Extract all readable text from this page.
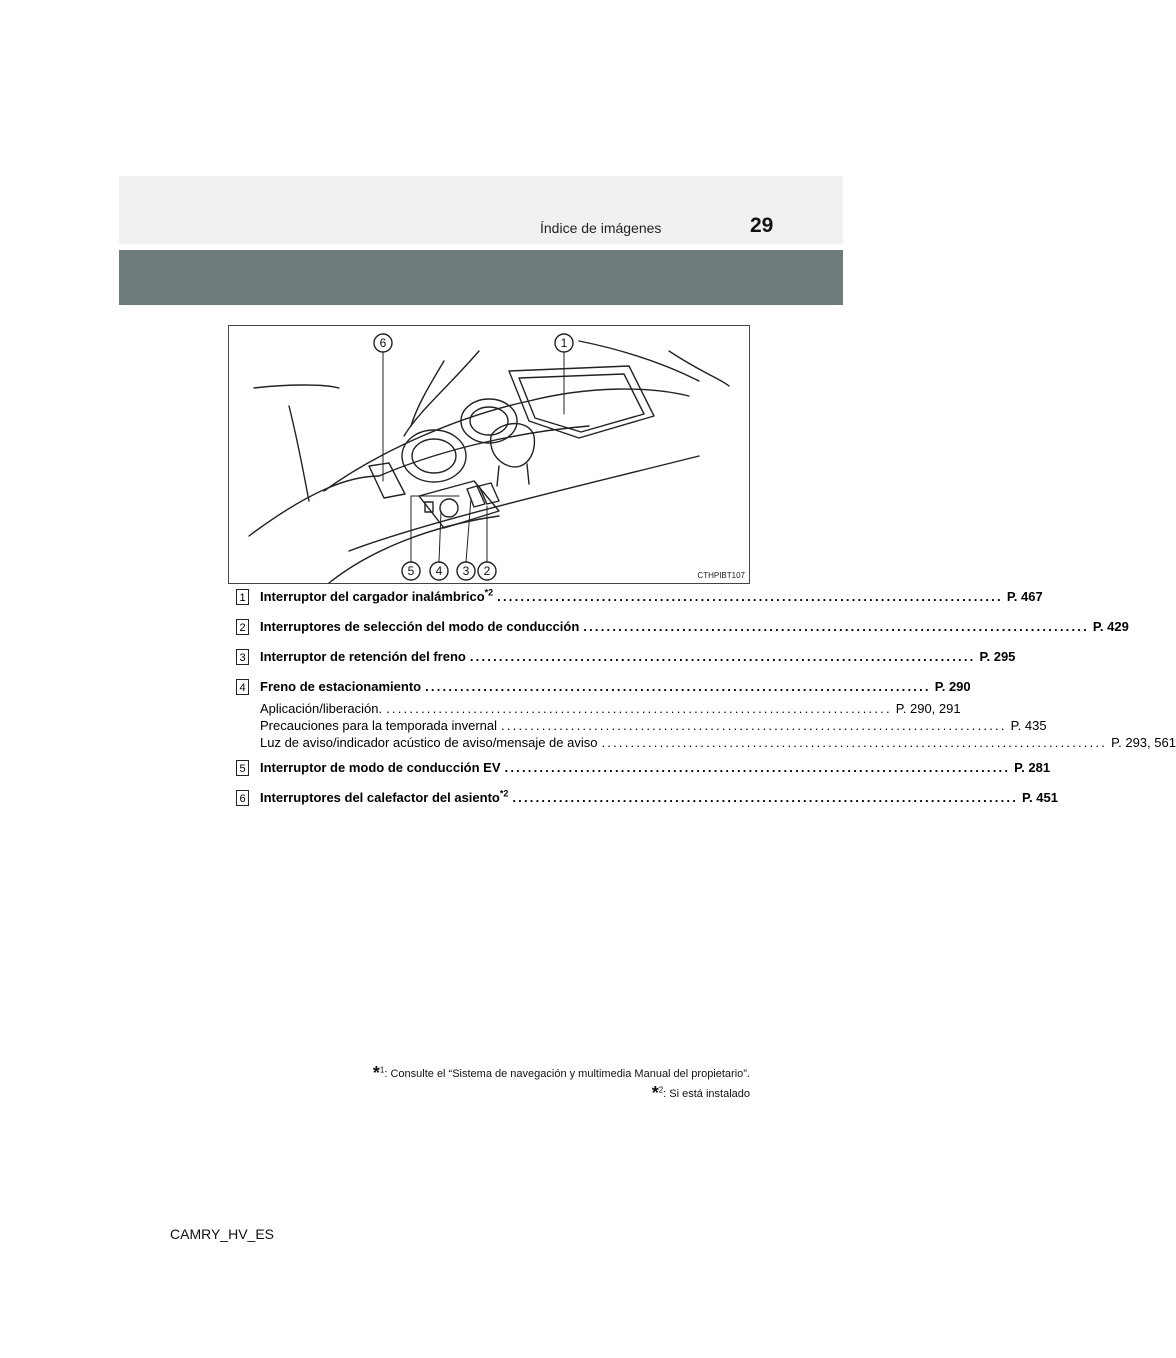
Índice de imágenes	29
6	1
5 4 3 2	CTHPIBT107
1 Interruptor del cargador inalámbrico$^{*2}$ ....................................................................................... P. 467
2 Interruptores de selección del modo de conducción ....................................................................................... P. 429
3 Interruptor de retención del freno ....................................................................................... P. 295
4 Freno de estacionamiento ....................................................................................... P. 290
Aplicación/liberación. ....................................................................................... P. 290, 291
Precauciones para la temporada invernal ....................................................................................... P. 435
Luz de aviso/indicador acústico de aviso/mensaje de aviso ....................................................................................... P. 293, 561
5 Interruptor de modo de conducción EV ....................................................................................... P. 281
6 Interruptores del calefactor del asiento$^{*2}$ ....................................................................................... P. 451
*$^1$: Consulte el “Sistema de navegación y multimedia Manual del propietario”.
*$^2$: Si está instalado
CAMRY_HV_ES
